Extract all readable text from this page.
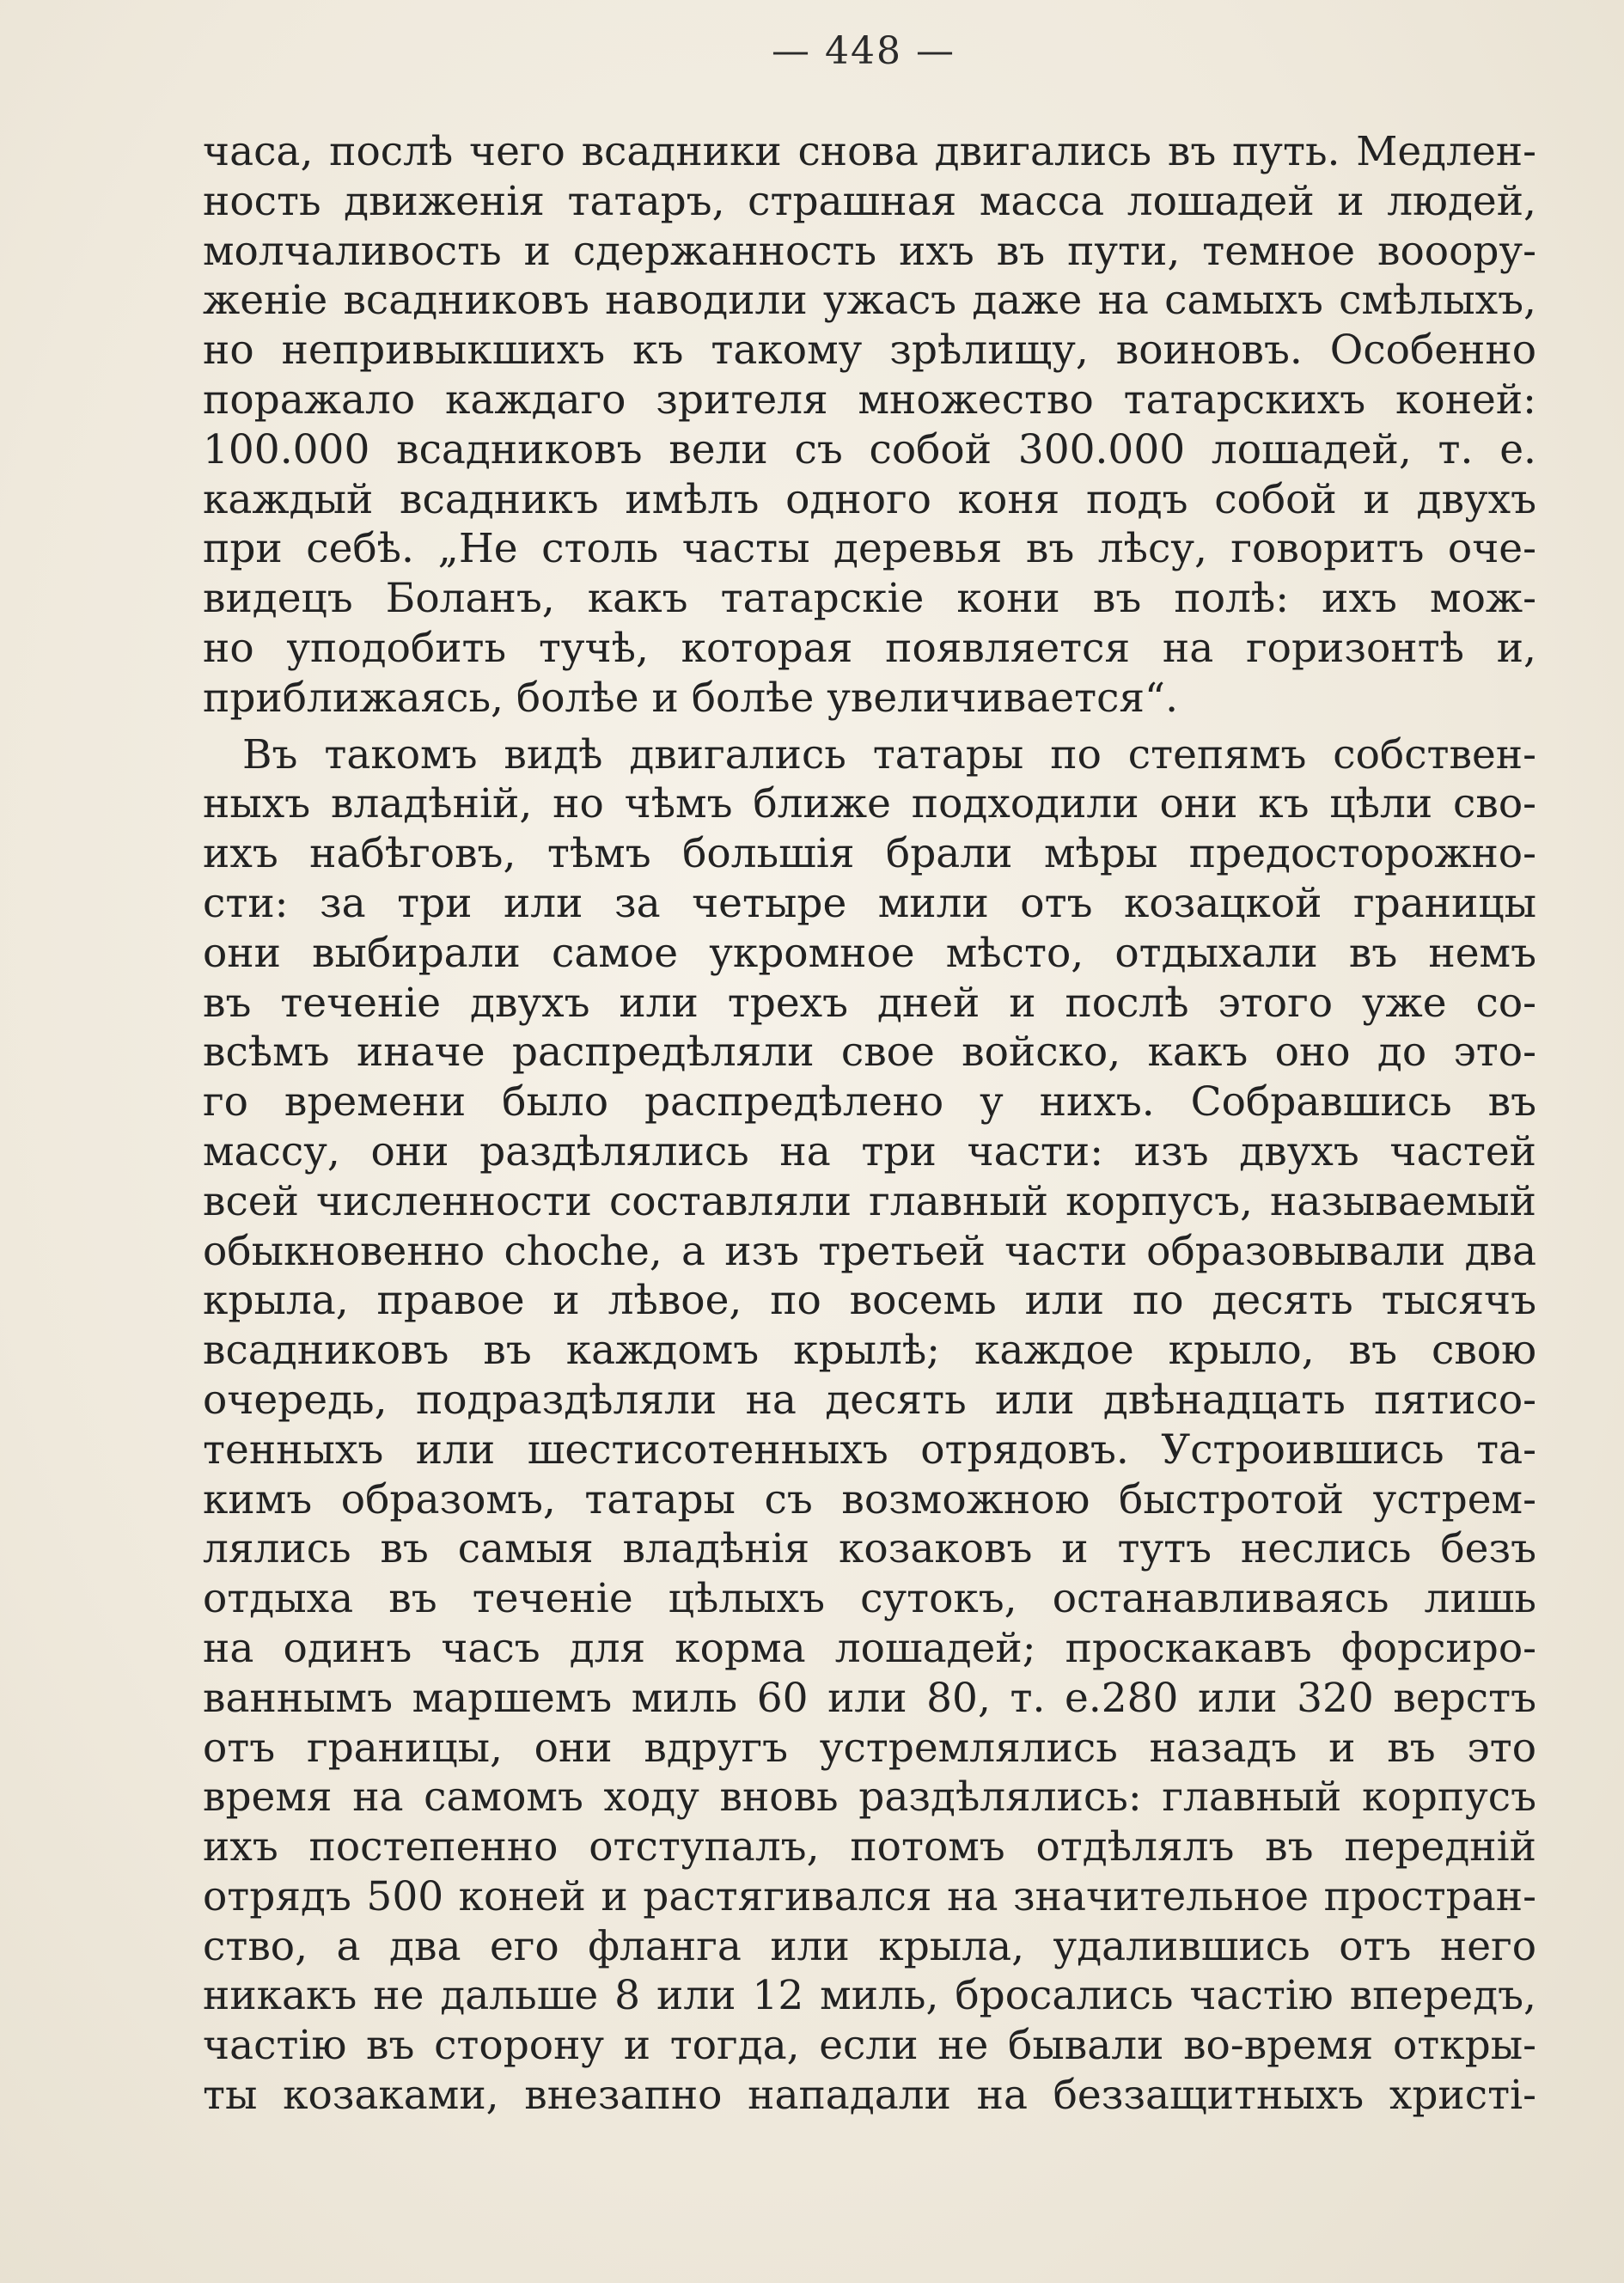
— 448 —
часа, послѣ чего всадники снова двигались въ путь. Медлен-
ность движенія татаръ, страшная масса лошадей и людей,
молчаливость и сдержанность ихъ въ пути, темное вооору-
женіе всадниковъ наводили ужасъ даже на самыхъ смѣлыхъ,
но непривыкшихъ къ такому зрѣлищу, воиновъ. Особенно
поражало каждаго зрителя множество татарскихъ коней:
100.000 всадниковъ вели съ собой 300.000 лошадей, т. е.
каждый всадникъ имѣлъ одного коня подъ собой и двухъ
при себѣ. „Не столь часты деревья въ лѣсу, говоритъ оче-
видецъ Боланъ, какъ татарскіе кони въ полѣ: ихъ мож-
но уподобить тучѣ, которая появляется на горизонтѣ и,
приближаясь, болѣе и болѣе увеличивается“.
Въ такомъ видѣ двигались татары по степямъ собствен-
ныхъ владѣній, но чѣмъ ближе подходили они къ цѣли сво-
ихъ набѣговъ, тѣмъ большія брали мѣры предосторожно-
сти: за три или за четыре мили отъ козацкой границы
они выбирали самое укромное мѣсто, отдыхали въ немъ
въ теченіе двухъ или трехъ дней и послѣ этого уже со-
всѣмъ иначе распредѣляли свое войско, какъ оно до это-
го времени было распредѣлено у нихъ. Собравшись въ
массу, они раздѣлялись на три части: изъ двухъ частей
всей численности составляли главный корпусъ, называемый
обыкновенно choche, а изъ третьей части образовывали два
крыла, правое и лѣвое, по восемь или по десять тысячъ
всадниковъ въ каждомъ крылѣ; каждое крыло, въ свою
очередь, подраздѣляли на десять или двѣнадцать пятисо-
тенныхъ или шестисотенныхъ отрядовъ. Устроившись та-
кимъ образомъ, татары съ возможною быстротой устрем-
лялись въ самыя владѣнія козаковъ и тутъ неслись безъ
отдыха въ теченіе цѣлыхъ сутокъ, останавливаясь лишь
на одинъ часъ для корма лошадей; проскакавъ форсиро-
ваннымъ маршемъ миль 60 или 80, т. е.280 или 320 верстъ
отъ границы, они вдругъ устремлялись назадъ и въ это
время на самомъ ходу вновь раздѣлялись: главный корпусъ
ихъ постепенно отступалъ, потомъ отдѣлялъ въ передній
отрядъ 500 коней и растягивался на значительное простран-
ство, а два его фланга или крыла, удалившись отъ него
никакъ не дальше 8 или 12 миль, бросались частію впередъ,
частію въ сторону и тогда, если не бывали во-время откры-
ты козаками, внезапно нападали на беззащитныхъ христі-
